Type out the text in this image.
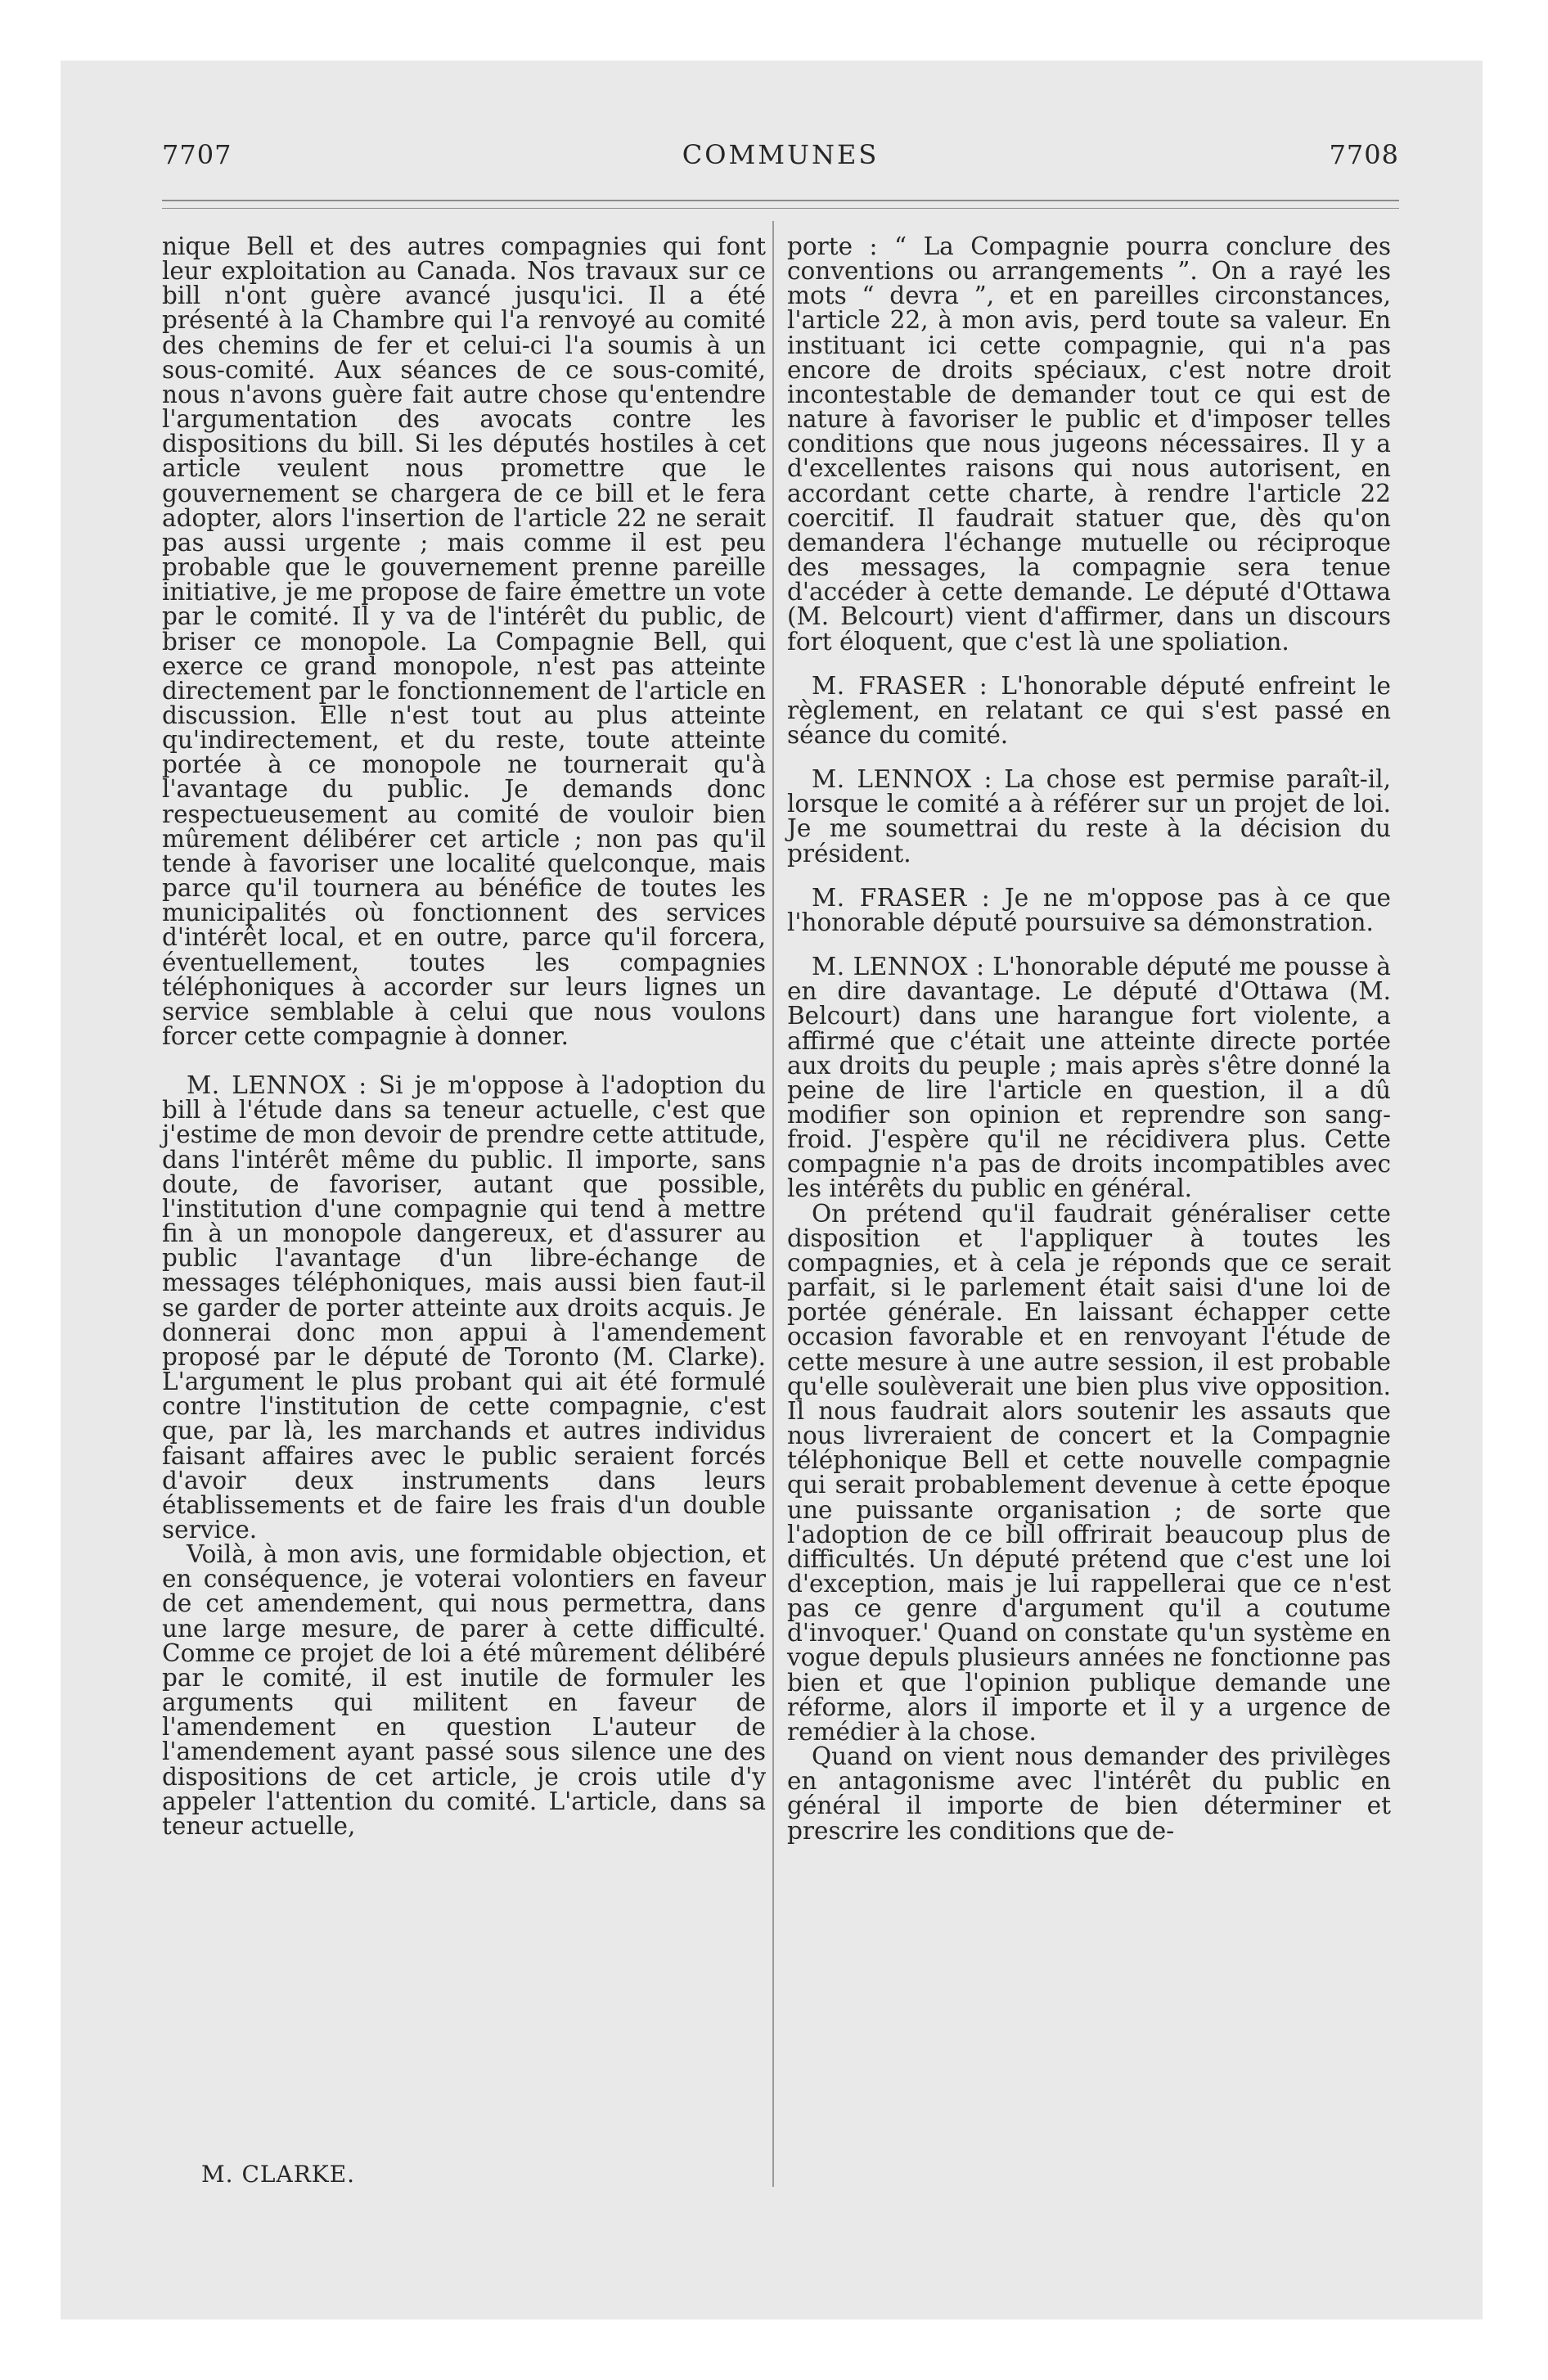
7707	COMMUNES	7708

nique Bell et des autres compagnies qui font leur exploitation au Canada. Nos travaux sur ce bill n'ont guère avancé jusqu'ici. Il a été présenté à la Chambre qui l'a renvoyé au comité des chemins de fer et celui-ci l'a soumis à un sous-comité. Aux séances de ce sous-comité, nous n'avons guère fait autre chose qu'entendre l'argumentation des avocats contre les dispositions du bill. Si les députés hostiles à cet article veulent nous promettre que le gouvernement se chargera de ce bill et le fera adopter, alors l'insertion de l'article 22 ne serait pas aussi urgente ; mais comme il est peu probable que le gouvernement prenne pareille initiative, je me propose de faire émettre un vote par le comité. Il y va de l'intérêt du public, de briser ce monopole. La Compagnie Bell, qui exerce ce grand monopole, n'est pas atteinte directement par le fonctionnement de l'article en discussion. Elle n'est tout au plus atteinte qu'indirectement, et du reste, toute atteinte portée à ce monopole ne tournerait qu'à l'avantage du public. Je demands donc respectueusement au comité de vouloir bien mûrement délibérer cet article ; non pas qu'il tende à favoriser une localité quelconque, mais parce qu'il tournera au bénéfice de toutes les municipalités où fonctionnent des services d'intérêt local, et en outre, parce qu'il forcera, éventuellement, toutes les compagnies téléphoniques à accorder sur leurs lignes un service semblable à celui que nous voulons forcer cette compagnie à donner.

M. LENNOX : Si je m'oppose à l'adoption du bill à l'étude dans sa teneur actuelle, c'est que j'estime de mon devoir de prendre cette attitude, dans l'intérêt même du public. Il importe, sans doute, de favoriser, autant que possible, l'institution d'une compagnie qui tend à mettre fin à un monopole dangereux, et d'assurer au public l'avantage d'un libre-échange de messages téléphoniques, mais aussi bien faut-il se garder de porter atteinte aux droits acquis. Je donnerai donc mon appui à l'amendement proposé par le député de Toronto (M. Clarke). L'argument le plus probant qui ait été formulé contre l'institution de cette compagnie, c'est que, par là, les marchands et autres individus faisant affaires avec le public seraient forcés d'avoir deux instruments dans leurs établissements et de faire les frais d'un double service.

Voilà, à mon avis, une formidable objection, et en conséquence, je voterai volontiers en faveur de cet amendement, qui nous permettra, dans une large mesure, de parer à cette difficulté. Comme ce projet de loi a été mûrement délibéré par le comité, il est inutile de formuler les arguments qui militent en faveur de l'amendement en question L'auteur de l'amendement ayant passé sous silence une des dispositions de cet article, je crois utile d'y appeler l'attention du comité. L'article, dans sa teneur actuelle,

M. CLARKE.

porte : “ La Compagnie pourra conclure des conventions ou arrangements ”. On a rayé les mots “ devra ”, et en pareilles circonstances, l'article 22, à mon avis, perd toute sa valeur. En instituant ici cette compagnie, qui n'a pas encore de droits spéciaux, c'est notre droit incontestable de demander tout ce qui est de nature à favoriser le public et d'imposer telles conditions que nous jugeons nécessaires. Il y a d'excellentes raisons qui nous autorisent, en accordant cette charte, à rendre l'article 22 coercitif. Il faudrait statuer que, dès qu'on demandera l'échange mutuelle ou réciproque des messages, la compagnie sera tenue d'accéder à cette demande. Le député d'Ottawa (M. Belcourt) vient d'affirmer, dans un discours fort éloquent, que c'est là une spoliation.

M. FRASER : L'honorable député enfreint le règlement, en relatant ce qui s'est passé en séance du comité.

M. LENNOX : La chose est permise paraît-il, lorsque le comité a à référer sur un projet de loi. Je me soumettrai du reste à la décision du président.

M. FRASER : Je ne m'oppose pas à ce que l'honorable député poursuive sa démonstration.

M. LENNOX : L'honorable député me pousse à en dire davantage. Le député d'Ottawa (M. Belcourt) dans une harangue fort violente, a affirmé que c'était une atteinte directe portée aux droits du peuple ; mais après s'être donné la peine de lire l'article en question, il a dû modifier son opinion et reprendre son sang-froid. J'espère qu'il ne récidivera plus. Cette compagnie n'a pas de droits incompatibles avec les intérêts du public en général.

On prétend qu'il faudrait généraliser cette disposition et l'appliquer à toutes les compagnies, et à cela je réponds que ce serait parfait, si le parlement était saisi d'une loi de portée générale. En laissant échapper cette occasion favorable et en renvoyant l'étude de cette mesure à une autre session, il est probable qu'elle soulèverait une bien plus vive opposition. Il nous faudrait alors soutenir les assauts que nous livreraient de concert et la Compagnie téléphonique Bell et cette nouvelle compagnie qui serait probablement devenue à cette époque une puissante organisation ; de sorte que l'adoption de ce bill offrirait beaucoup plus de difficultés. Un député prétend que c'est une loi d'exception, mais je lui rappellerai que ce n'est pas ce genre d'argument qu'il a coutume d'invoquer.' Quand on constate qu'un système en vogue depuls plusieurs années ne fonctionne pas bien et que l'opinion publique demande une réforme, alors il importe et il y a urgence de remédier à la chose.

Quand on vient nous demander des privilèges en antagonisme avec l'intérêt du public en général il importe de bien déterminer et prescrire les conditions que de-
